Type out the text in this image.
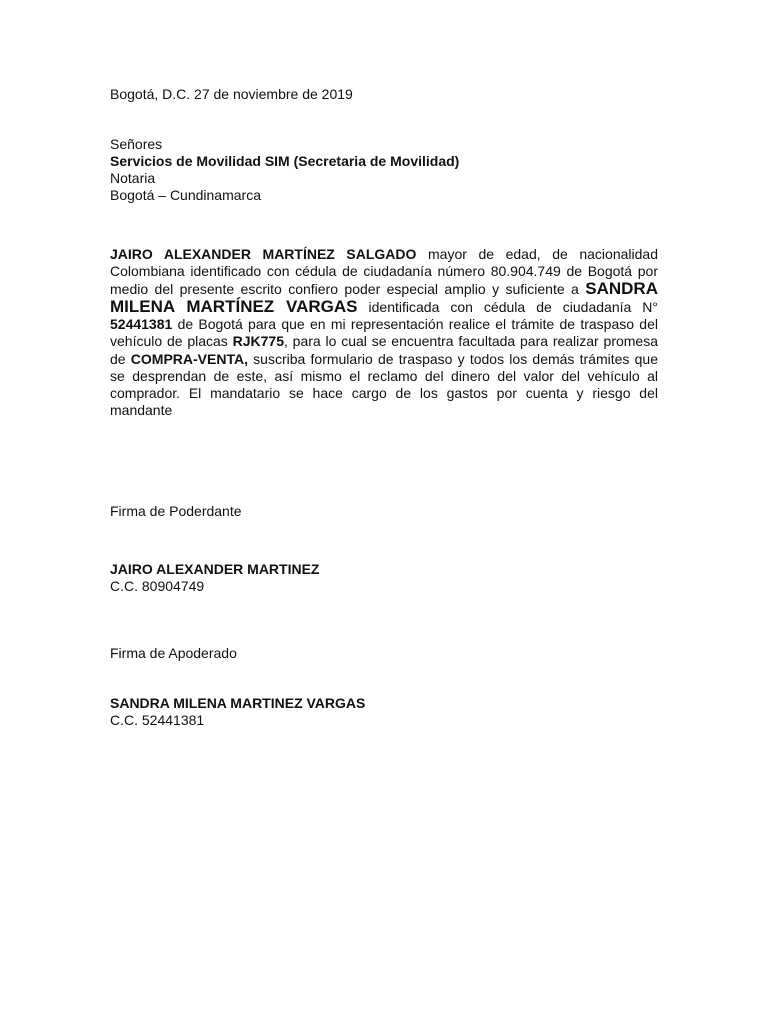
Bogotá, D.C. 27 de noviembre de 2019
Señores
Servicios de Movilidad SIM (Secretaria de Movilidad)
Notaria
Bogotá – Cundinamarca
JAIRO ALEXANDER MARTÍNEZ SALGADO mayor de edad, de nacionalidad Colombiana identificado con cédula de ciudadanía número 80.904.749 de Bogotá por medio del presente escrito confiero poder especial amplio y suficiente a SANDRA MILENA MARTÍNEZ VARGAS identificada con cédula de ciudadanía N° 52441381 de Bogotá para que en mi representación realice el trámite de traspaso del vehículo de placas RJK775, para lo cual se encuentra facultada para realizar promesa de COMPRA-VENTA, suscriba formulario de traspaso y todos los demás trámites que se desprendan de este, así mismo el reclamo del dinero del valor del vehículo al comprador. El mandatario se hace cargo de los gastos por cuenta y riesgo del mandante
Firma de Poderdante
JAIRO ALEXANDER MARTINEZ
C.C. 80904749
Firma de Apoderado
SANDRA MILENA MARTINEZ VARGAS
C.C. 52441381
